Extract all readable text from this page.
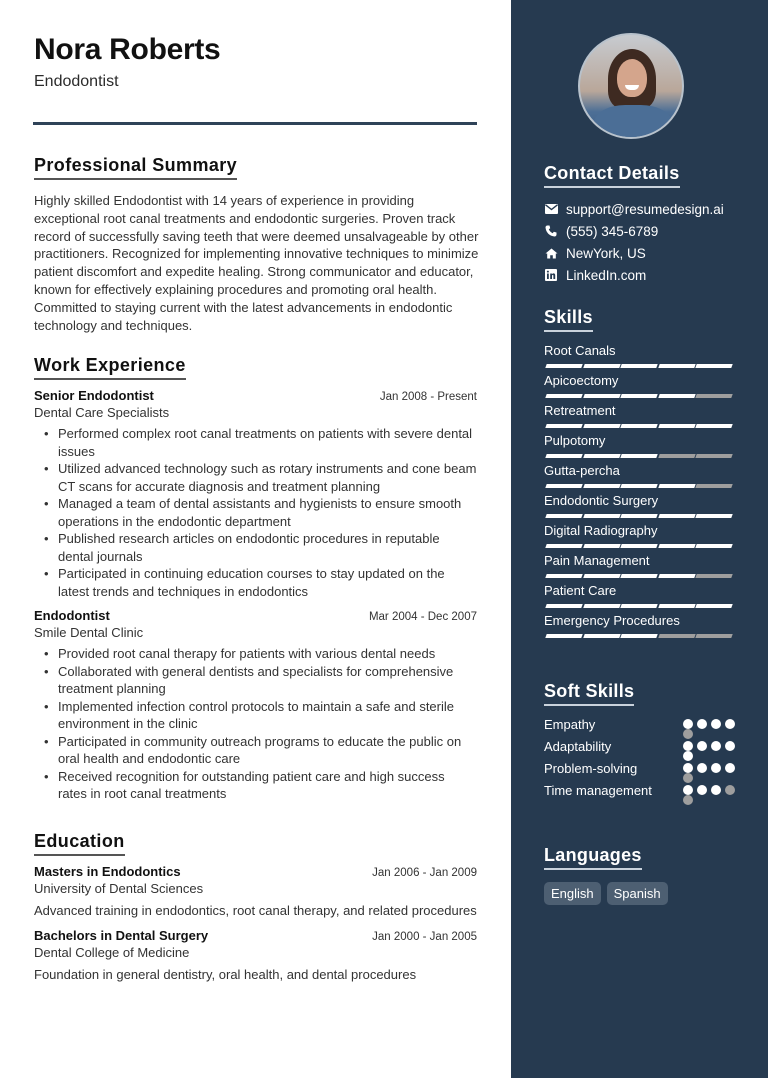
Nora Roberts
Endodontist
Professional Summary

Highly skilled Endodontist with 14 years of experience in providing exceptional root canal treatments and endodontic surgeries. Proven track record of successfully saving teeth that were deemed unsalvageable by other practitioners. Recognized for implementing innovative techniques to minimize patient discomfort and expedite healing. Strong communicator and educator, known for effectively explaining procedures and promoting oral health. Committed to staying current with the latest advancements in endodontic technology and techniques.

Work Experience
Senior Endodontist	Jan 2008 - Present
Dental Care Specialists
• Performed complex root canal treatments on patients with severe dental issues
• Utilized advanced technology such as rotary instruments and cone beam CT scans for accurate diagnosis and treatment planning
• Managed a team of dental assistants and hygienists to ensure smooth operations in the endodontic department
• Published research articles on endodontic procedures in reputable dental journals
• Participated in continuing education courses to stay updated on the latest trends and techniques in endodontics
Endodontist	Mar 2004 - Dec 2007
Smile Dental Clinic
• Provided root canal therapy for patients with various dental needs
• Collaborated with general dentists and specialists for comprehensive treatment planning
• Implemented infection control protocols to maintain a safe and sterile environment in the clinic
• Participated in community outreach programs to educate the public on oral health and endodontic care
• Received recognition for outstanding patient care and high success rates in root canal treatments
Education
Masters in Endodontics	Jan 2006 - Jan 2009
University of Dental Sciences
Advanced training in endodontics, root canal therapy, and related procedures
Bachelors in Dental Surgery	Jan 2000 - Jan 2005
Dental College of Medicine
Foundation in general dentistry, oral health, and dental procedures
Contact Details
support@resumedesign.ai
(555) 345-6789
NewYork, US
LinkedIn.com
Skills
Root Canals
Apicoectomy
Retreatment
Pulpotomy
Gutta-percha
Endodontic Surgery
Digital Radiography
Pain Management
Patient Care
Emergency Procedures
Soft Skills
Empathy
Adaptability
Problem-solving
Time management
Languages
English	Spanish
